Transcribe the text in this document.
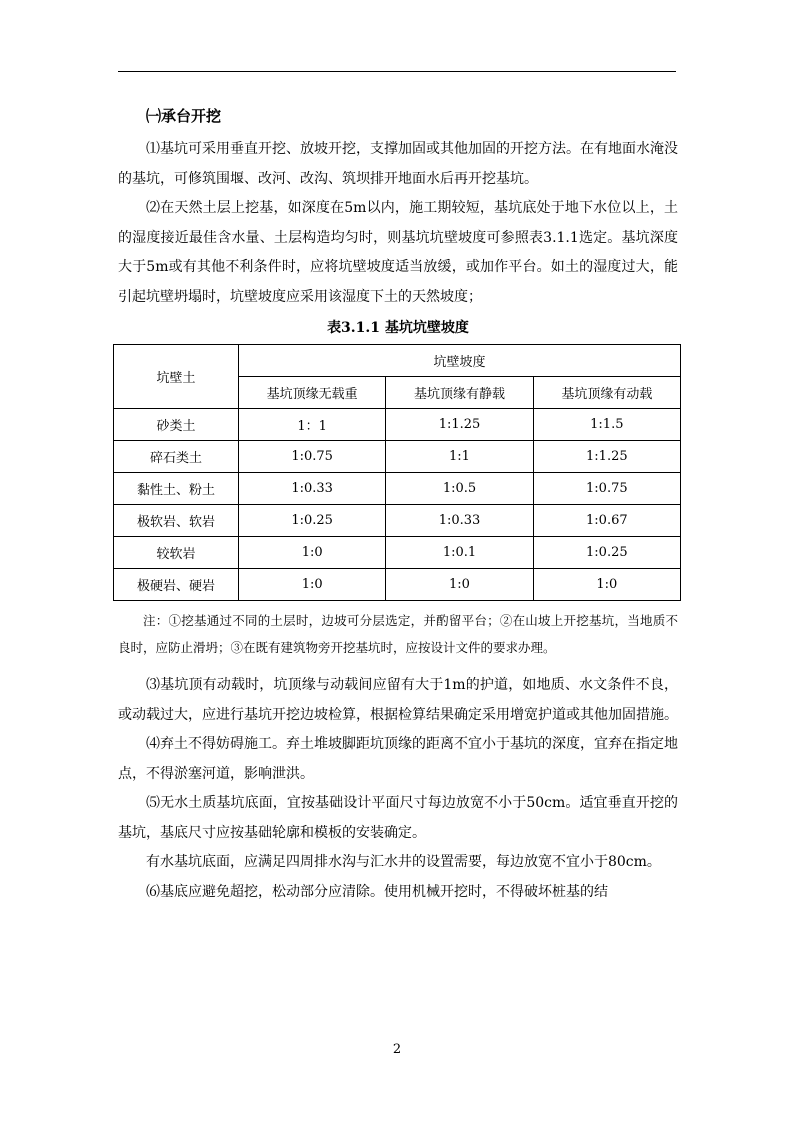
㈠承台开挖

⑴基坑可采用垂直开挖、放坡开挖，支撑加固或其他加固的开挖方法。在有地面水淹没的基坑，可修筑围堰、改河、改沟、筑坝排开地面水后再开挖基坑。

⑵在天然土层上挖基，如深度在5m以内，施工期较短，基坑底处于地下水位以上，土的湿度接近最佳含水量、土层构造均匀时，则基坑坑壁坡度可参照表3.1.1选定。基坑深度大于5m或有其他不利条件时，应将坑壁坡度适当放缓，或加作平台。如土的湿度过大，能引起坑壁坍塌时，坑壁坡度应采用该湿度下土的天然坡度；

表3.1.1 基坑坑壁坡度
坑壁土	坑壁坡度		
	基坑顶缘无载重	基坑顶缘有静载	基坑顶缘有动载
砂类土	1：1	1:1.25	1:1.5
碎石类土	1:0.75	1:1	1:1.25
黏性土、粉土	1:0.33	1:0.5	1:0.75
极软岩、软岩	1:0.25	1:0.33	1:0.67
较软岩	1:0	1:0.1	1:0.25
极硬岩、硬岩	1:0	1:0	1:0

注：①挖基通过不同的土层时，边坡可分层选定，并酌留平台；②在山坡上开挖基坑，当地质不良时，应防止滑坍；③在既有建筑物旁开挖基坑时，应按设计文件的要求办理。

⑶基坑顶有动载时，坑顶缘与动载间应留有大于1m的护道，如地质、水文条件不良，或动载过大，应进行基坑开挖边坡检算，根据检算结果确定采用增宽护道或其他加固措施。

⑷弃土不得妨碍施工。弃土堆坡脚距坑顶缘的距离不宜小于基坑的深度，宜弃在指定地点，不得淤塞河道，影响泄洪。

⑸无水土质基坑底面，宜按基础设计平面尺寸每边放宽不小于50cm。适宜垂直开挖的基坑，基底尺寸应按基础轮廓和模板的安装确定。

有水基坑底面，应满足四周排水沟与汇水井的设置需要，每边放宽不宜小于80cm。

⑹基底应避免超挖，松动部分应清除。使用机械开挖时，不得破坏桩基的结

2
